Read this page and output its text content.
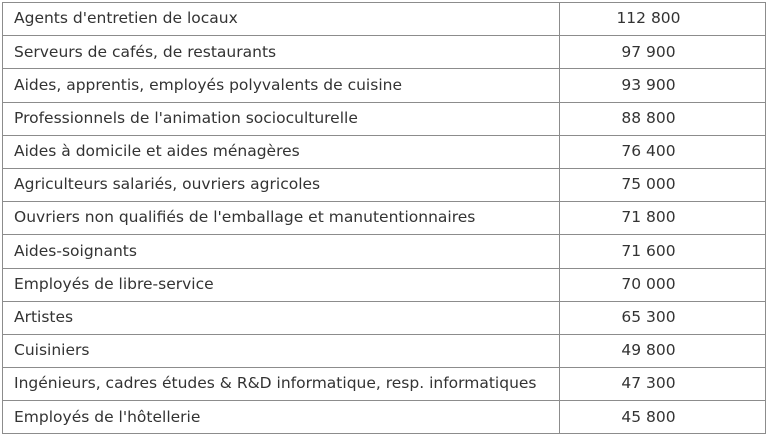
Agents d'entretien de locaux	112 800
Serveurs de cafés, de restaurants	97 900
Aides, apprentis, employés polyvalents de cuisine	93 900
Professionnels de l'animation socioculturelle	88 800
Aides à domicile et aides ménagères	76 400
Agriculteurs salariés, ouvriers agricoles	75 000
Ouvriers non qualifiés de l'emballage et manutentionnaires	71 800
Aides-soignants	71 600
Employés de libre-service	70 000
Artistes	65 300
Cuisiniers	49 800
Ingénieurs, cadres études & R&D informatique, resp. informatiques	47 300
Employés de l'hôtellerie	45 800
